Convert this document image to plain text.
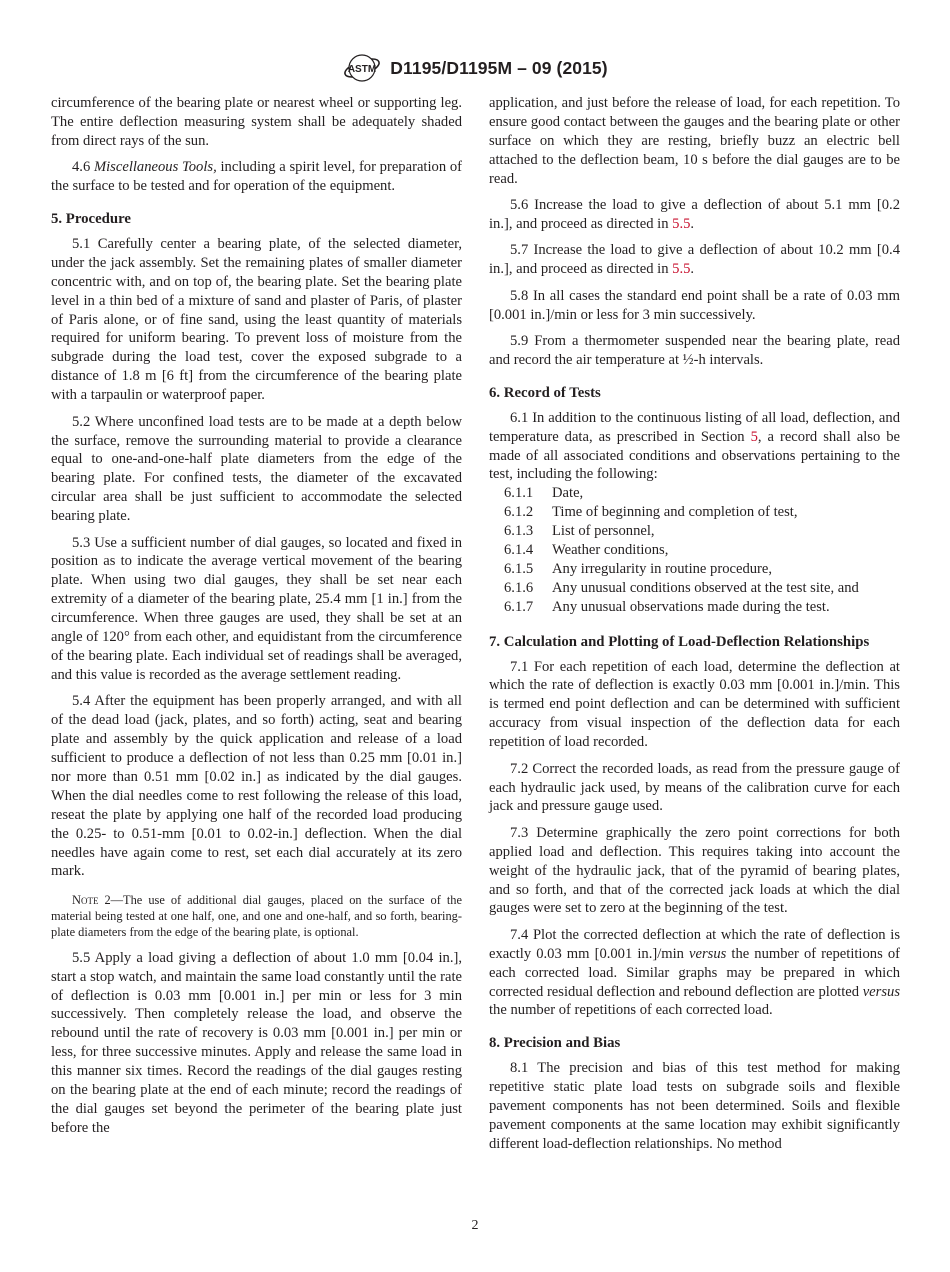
ASTM D1195/D1195M – 09 (2015)

circumference of the bearing plate or nearest wheel or supporting leg. The entire deflection measuring system shall be adequately shaded from direct rays of the sun.

4.6 Miscellaneous Tools, including a spirit level, for preparation of the surface to be tested and for operation of the equipment.

5. Procedure

5.1 Carefully center a bearing plate, of the selected diameter, under the jack assembly. Set the remaining plates of smaller diameter concentric with, and on top of, the bearing plate. Set the bearing plate level in a thin bed of a mixture of sand and plaster of Paris, of plaster of Paris alone, or of fine sand, using the least quantity of materials required for uniform bearing. To prevent loss of moisture from the subgrade during the load test, cover the exposed subgrade to a distance of 1.8 m [6 ft] from the circumference of the bearing plate with a tarpaulin or waterproof paper.

5.2 Where unconfined load tests are to be made at a depth below the surface, remove the surrounding material to provide a clearance equal to one-and-one-half plate diameters from the edge of the bearing plate. For confined tests, the diameter of the excavated circular area shall be just sufficient to accommodate the selected bearing plate.

5.3 Use a sufficient number of dial gauges, so located and fixed in position as to indicate the average vertical movement of the bearing plate. When using two dial gauges, they shall be set near each extremity of a diameter of the bearing plate, 25.4 mm [1 in.] from the circumference. When three gauges are used, they shall be set at an angle of 120° from each other, and equidistant from the circumference of the bearing plate. Each individual set of readings shall be averaged, and this value is recorded as the average settlement reading.

5.4 After the equipment has been properly arranged, and with all of the dead load (jack, plates, and so forth) acting, seat and bearing plate and assembly by the quick application and release of a load sufficient to produce a deflection of not less than 0.25 mm [0.01 in.] nor more than 0.51 mm [0.02 in.] as indicated by the dial gauges. When the dial needles come to rest following the release of this load, reseat the plate by applying one half of the recorded load producing the 0.25- to 0.51-mm [0.01 to 0.02-in.] deflection. When the dial needles have again come to rest, set each dial accurately at its zero mark.

Note 2—The use of additional dial gauges, placed on the surface of the material being tested at one half, one, and one and one-half, and so forth, bearing-plate diameters from the edge of the bearing plate, is optional.

5.5 Apply a load giving a deflection of about 1.0 mm [0.04 in.], start a stop watch, and maintain the same load constantly until the rate of deflection is 0.03 mm [0.001 in.] per min or less for 3 min successively. Then completely release the load, and observe the rebound until the rate of recovery is 0.03 mm [0.001 in.] per min or less, for three successive minutes. Apply and release the same load in this manner six times. Record the readings of the dial gauges resting on the bearing plate at the end of each minute; record the readings of the dial gauges set beyond the perimeter of the bearing plate just before the

application, and just before the release of load, for each repetition. To ensure good contact between the gauges and the bearing plate or other surface on which they are resting, briefly buzz an electric bell attached to the deflection beam, 10 s before the dial gauges are to be read.

5.6 Increase the load to give a deflection of about 5.1 mm [0.2 in.], and proceed as directed in 5.5.

5.7 Increase the load to give a deflection of about 10.2 mm [0.4 in.], and proceed as directed in 5.5.

5.8 In all cases the standard end point shall be a rate of 0.03 mm [0.001 in.]/min or less for 3 min successively.

5.9 From a thermometer suspended near the bearing plate, read and record the air temperature at ½-h intervals.

6. Record of Tests

6.1 In addition to the continuous listing of all load, deflection, and temperature data, as prescribed in Section 5, a record shall also be made of all associated conditions and observations pertaining to the test, including the following:

6.1.1 Date,
6.1.2 Time of beginning and completion of test,
6.1.3 List of personnel,
6.1.4 Weather conditions,
6.1.5 Any irregularity in routine procedure,
6.1.6 Any unusual conditions observed at the test site, and
6.1.7 Any unusual observations made during the test.
7. Calculation and Plotting of Load-Deflection Relationships

7.1 For each repetition of each load, determine the deflection at which the rate of deflection is exactly 0.03 mm [0.001 in.]/min. This is termed end point deflection and can be determined with sufficient accuracy from visual inspection of the deflection data for each repetition of load recorded.

7.2 Correct the recorded loads, as read from the pressure gauge of each hydraulic jack used, by means of the calibration curve for each jack and pressure gauge used.

7.3 Determine graphically the zero point corrections for both applied load and deflection. This requires taking into account the weight of the hydraulic jack, that of the pyramid of bearing plates, and so forth, and that of the corrected jack loads at which the dial gauges were set to zero at the beginning of the test.

7.4 Plot the corrected deflection at which the rate of deflection is exactly 0.03 mm [0.001 in.]/min versus the number of repetitions of each corrected load. Similar graphs may be prepared in which corrected residual deflection and rebound deflection are plotted versus the number of repetitions of each corrected load.

8. Precision and Bias

8.1 The precision and bias of this test method for making repetitive static plate load tests on subgrade soils and flexible pavement components has not been determined. Soils and flexible pavement components at the same location may exhibit significantly different load-deflection relationships. No method

2
